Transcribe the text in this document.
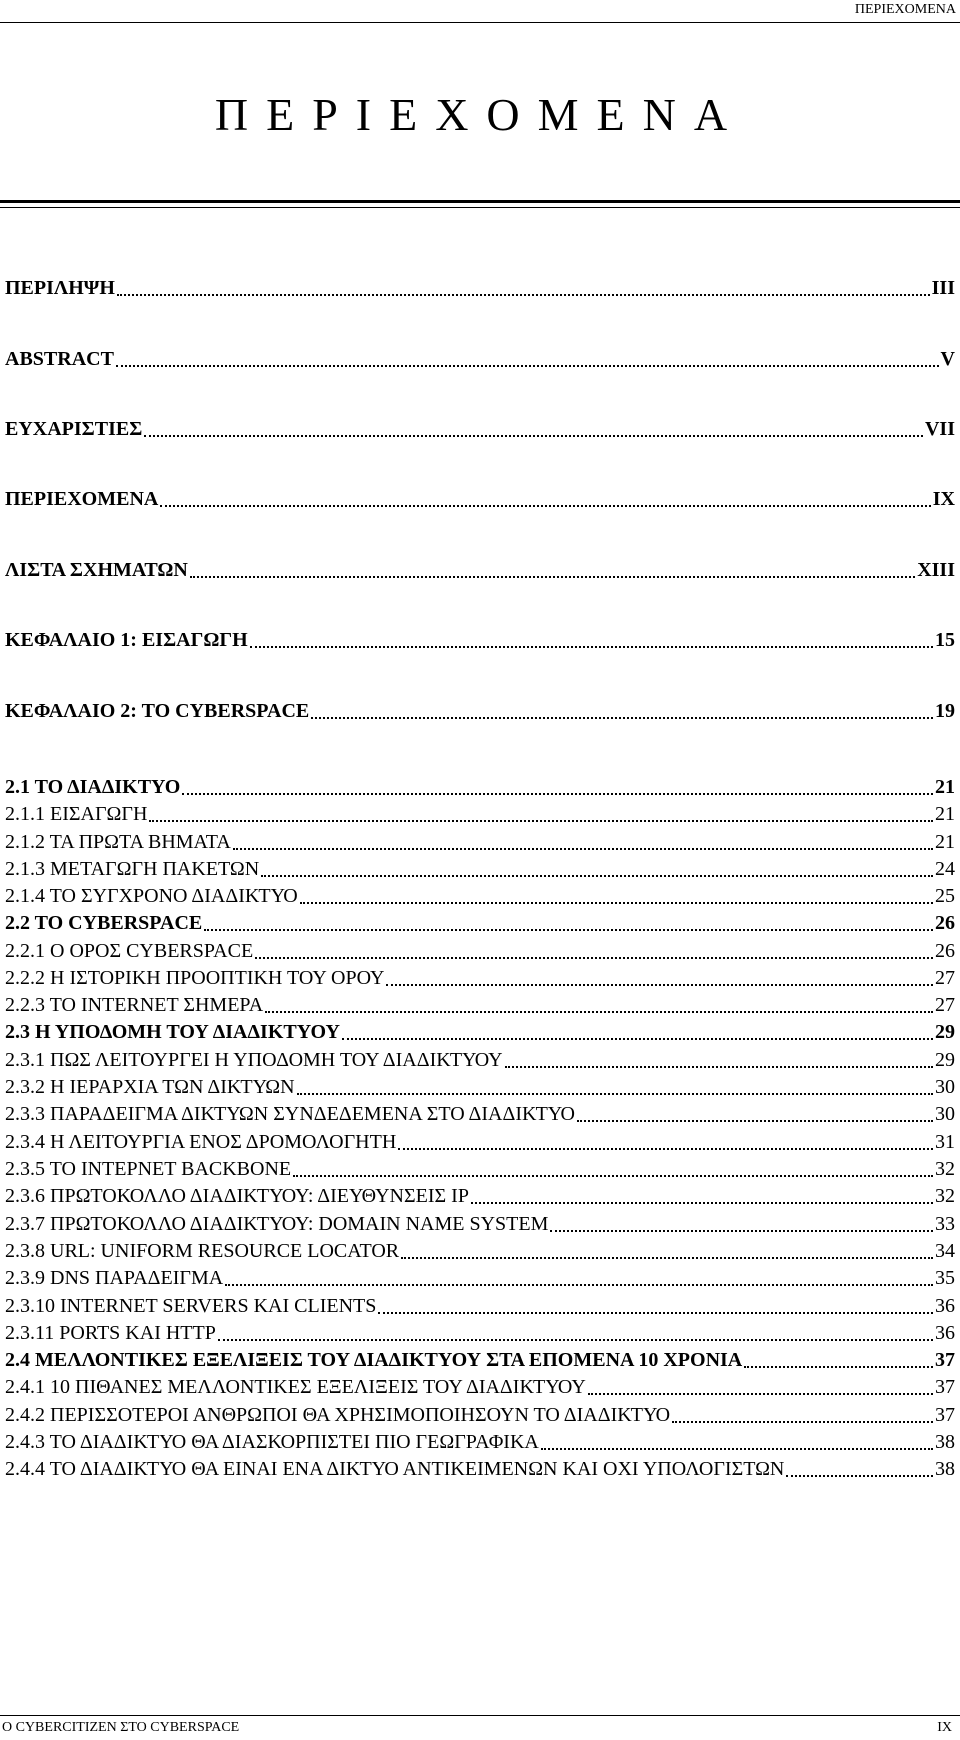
ΠΕΡΙΕΧΟΜΕΝΑ
ΠΕΡΙΕΧΟΜΕΝΑ
ΠΕΡΙΛΗΨΗ	III
ABSTRACT	V
ΕΥΧΑΡΙΣΤΙΕΣ	VII
ΠΕΡΙΕΧΟΜΕΝΑ	IX
ΛΙΣΤΑ ΣΧΗΜΑΤΩΝ	XIII
ΚΕΦΑΛΑΙΟ 1: ΕΙΣΑΓΩΓΗ	15
ΚΕΦΑΛΑΙΟ 2: ΤΟ CYBERSPACE	19
2.1 ΤΟ ΔΙΑΔΙΚΤΥΟ	21
2.1.1 ΕΙΣΑΓΩΓΗ	21
2.1.2 ΤΑ ΠΡΩΤΑ ΒΗΜΑΤΑ	21
2.1.3 ΜΕΤΑΓΩΓΗ ΠΑΚΕΤΩΝ	24
2.1.4 ΤΟ ΣΥΓΧΡΟΝΟ ΔΙΑΔΙΚΤΥΟ	25
2.2 ΤΟ CYBERSPACE	26
2.2.1 Ο ΟΡΟΣ CYBERSPACE	26
2.2.2 Η ΙΣΤΟΡΙΚΗ ΠΡΟΟΠΤΙΚΗ ΤΟΥ ΟΡΟΥ	27
2.2.3 ΤΟ INTERNET ΣΗΜΕΡΑ	27
2.3 Η ΥΠΟΔΟΜΗ ΤΟΥ ΔΙΑΔΙΚΤΥΟΥ	29
2.3.1 ΠΩΣ ΛΕΙΤΟΥΡΓΕΙ Η ΥΠΟΔΟΜΗ ΤΟΥ ΔΙΑΔΙΚΤΥΟΥ	29
2.3.2 Η ΙΕΡΑΡΧΙΑ ΤΩΝ ΔΙΚΤΥΩΝ	30
2.3.3 ΠΑΡΑΔΕΙΓΜΑ ΔΙΚΤΥΩΝ ΣΥΝΔΕΔΕΜΕΝΑ ΣΤΟ ΔΙΑΔΙΚΤΥΟ	30
2.3.4 Η ΛΕΙΤΟΥΡΓΙΑ ΕΝΟΣ ΔΡΟΜΟΛΟΓΗΤΗ	31
2.3.5 ΤΟ ΙΝΤΕΡΝΕΤ BACKBONE	32
2.3.6 ΠΡΩΤΟΚΟΛΛΟ ΔΙΑΔΙΚΤΥΟΥ: ΔΙΕΥΘΥΝΣΕΙΣ IP	32
2.3.7 ΠΡΩΤΟΚΟΛΛΟ ΔΙΑΔΙΚΤΥΟΥ: DOMAIN NAME SYSTEM	33
2.3.8 URL: UNIFORM RESOURCE LOCATOR	34
2.3.9 DNS ΠΑΡΑΔΕΙΓΜΑ	35
2.3.10 INTERNET SERVERS ΚΑΙ CLIENTS	36
2.3.11 PORTS ΚΑΙ HTTP	36
2.4 ΜΕΛΛΟΝΤΙΚΕΣ ΕΞΕΛΙΞΕΙΣ ΤΟΥ ΔΙΑΔΙΚΤΥΟΥ ΣΤΑ ΕΠΟΜΕΝΑ 10 ΧΡΟΝΙΑ	37
2.4.1 10 ΠΙΘΑΝΕΣ ΜΕΛΛΟΝΤΙΚΕΣ ΕΞΕΛΙΞΕΙΣ ΤΟΥ ΔΙΑΔΙΚΤΥΟΥ	37
2.4.2 ΠΕΡΙΣΣΟΤΕΡΟΙ ΑΝΘΡΩΠΟΙ ΘΑ ΧΡΗΣΙΜΟΠΟΙΗΣΟΥΝ ΤΟ ΔΙΑΔΙΚΤΥΟ	37
2.4.3 ΤΟ ΔΙΑΔΙΚΤΥΟ ΘΑ ΔΙΑΣΚΟΡΠΙΣΤΕΙ ΠΙΟ ΓΕΩΓΡΑΦΙΚΑ	38
2.4.4 ΤΟ ΔΙΑΔΙΚΤΥΟ ΘΑ ΕΙΝΑΙ ΕΝΑ ΔΙΚΤΥΟ ΑΝΤΙΚΕΙΜΕΝΩΝ ΚΑΙ ΟΧΙ ΥΠΟΛΟΓΙΣΤΩΝ	38
Ο CYBERCITIZEN ΣΤΟ CYBERSPACE	IX
